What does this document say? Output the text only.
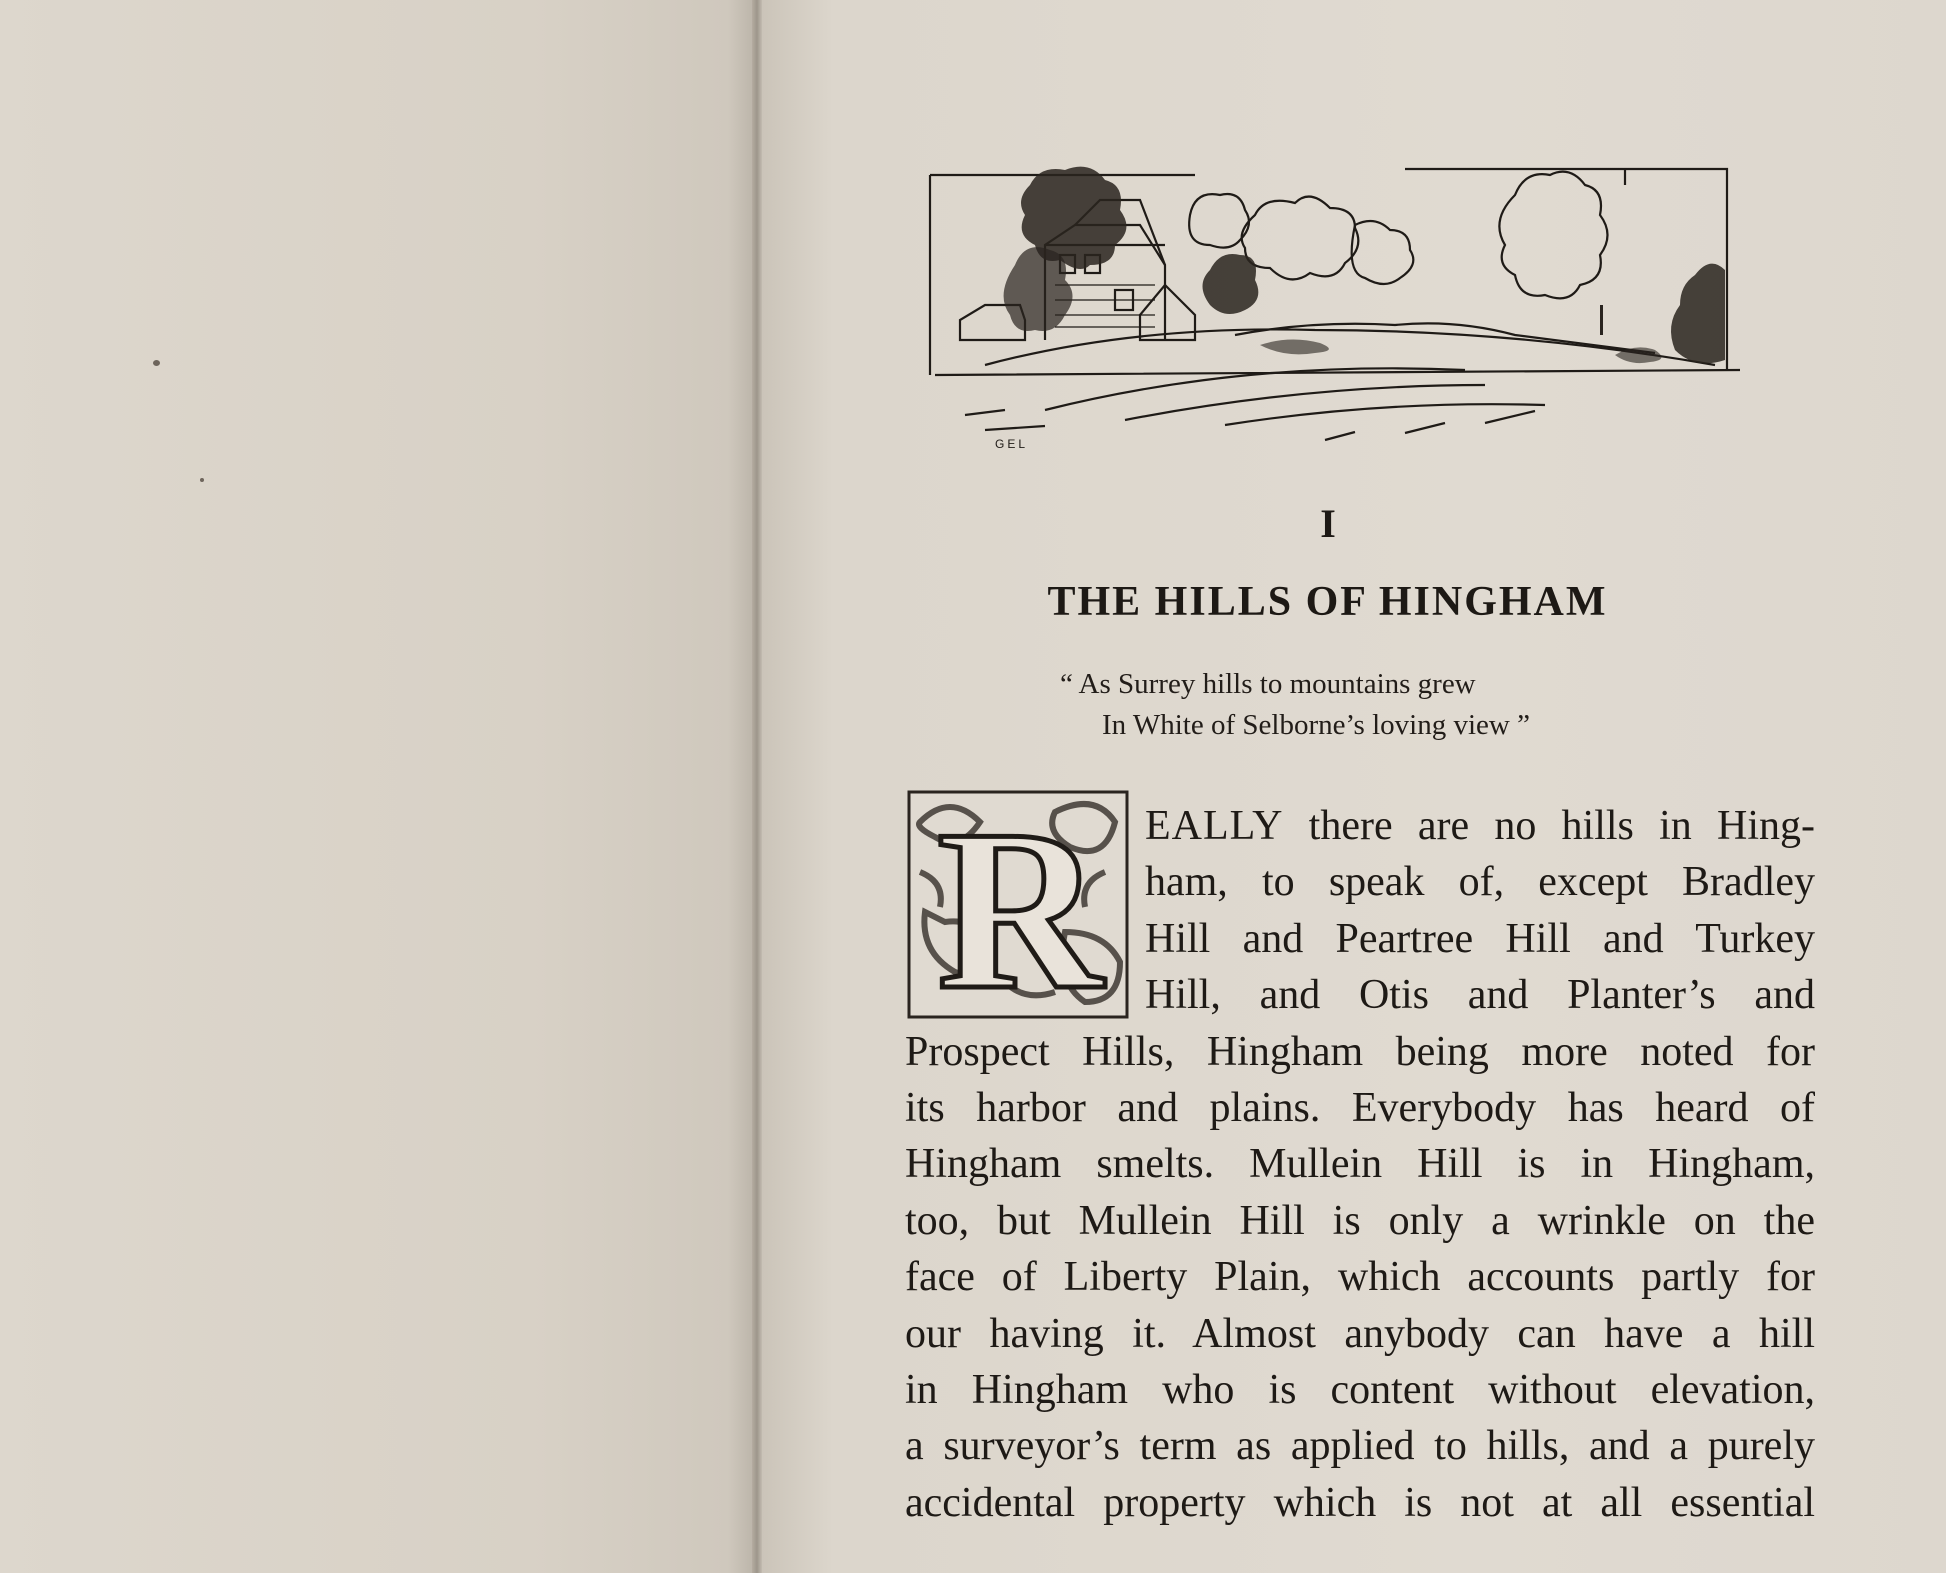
GEL
I
THE HILLS OF HINGHAM
“ As Surrey hills to mountains grew
In White of Selborne’s loving view ”
R EALLY there are no hills in Hing-
ham, to speak of, except Bradley
Hill and Peartree Hill and Turkey
Hill, and Otis and Planter’s and
Prospect Hills, Hingham being more noted for
its harbor and plains. Everybody has heard of
Hingham smelts. Mullein Hill is in Hingham,
too, but Mullein Hill is only a wrinkle on the
face of Liberty Plain, which accounts partly for
our having it. Almost anybody can have a hill
in Hingham who is content without elevation,
a surveyor’s term as applied to hills, and a purely
accidental property which is not at all essential
